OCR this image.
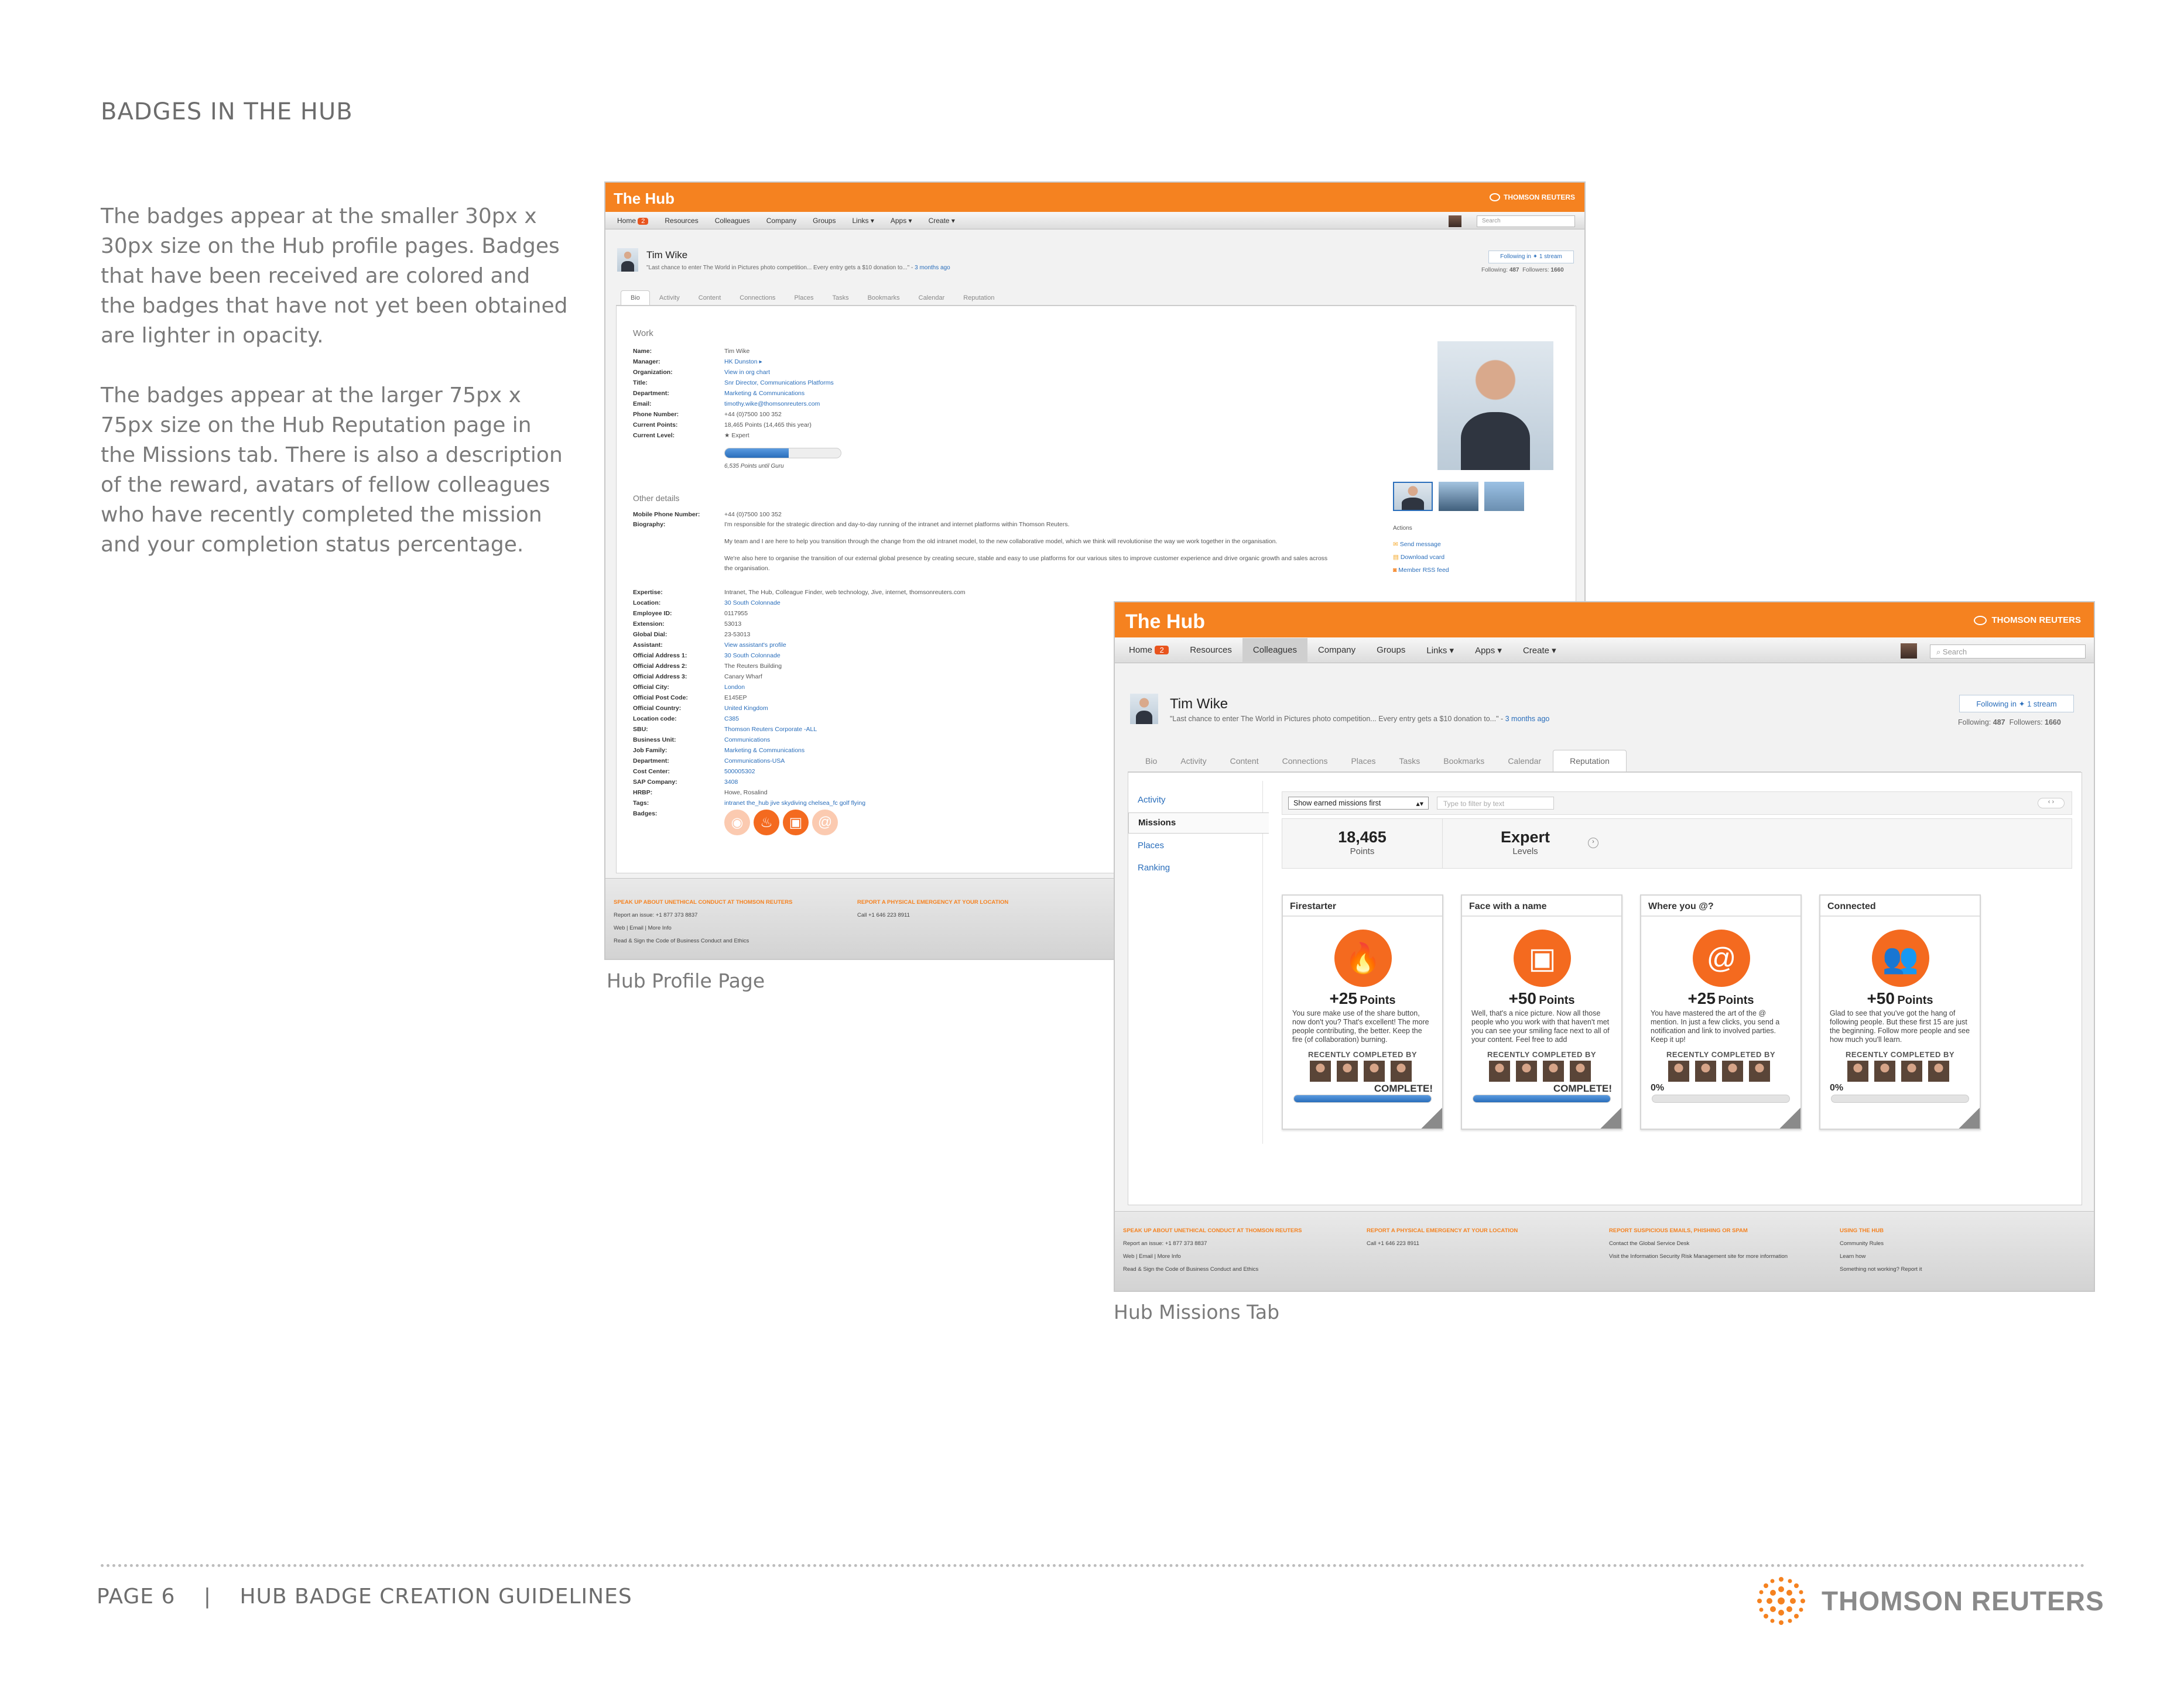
BADGES IN THE HUB

The badges appear at the smaller 30px x 30px size on the Hub profile pages. Badges that have been received are colored and the badges that have not yet been obtained are lighter in opacity.

The badges appear at the larger 75px x 75px size on the Hub Reputation page in the Missions tab. There is also a description of the reward, avatars of fellow colleagues who have recently completed the mission and your completion status percentage.

The Hub	THOMSON REUTERS
Home 2	Resources	Colleagues	Company	Groups	Links ▾	Apps ▾	Create ▾	Search
Tim Wike
"Last chance to enter The World in Pictures photo competition... Every entry gets a $10 donation to..." - 3 months ago
Following in ✦ 1 stream
Following: 487 Followers: 1660
Bio	Activity	Content	Connections	Places	Tasks	Bookmarks	Calendar	Reputation
Work
Name:	Tim Wike
Manager:	HK Dunston ▸
Organization:	View in org chart
Title:	Snr Director, Communications Platforms
Department:	Marketing & Communications
Email:	timothy.wike@thomsonreuters.com
Phone Number:	+44 (0)7500 100 352
Current Points:	18,465 Points (14,465 this year)
Current Level:	★ Expert
6,535 Points until Guru
Other details
Mobile Phone Number:	+44 (0)7500 100 352
Biography:	I'm responsible for the strategic direction and day-to-day running of the intranet and internet platforms within Thomson Reuters.
My team and I are here to help you transition through the change from the old intranet model, to the new collaborative model, which we think will revolutionise the way we work together in the organisation.
We're also here to organise the transition of our external global presence by creating secure, stable and easy to use platforms for our various sites to improve customer experience and drive organic growth and sales across the organisation.
Expertise:	Intranet, The Hub, Colleague Finder, web technology, Jive, internet, thomsonreuters.com
Location:	30 South Colonnade
Employee ID:	0117955
Extension:	53013
Global Dial:	23-53013
Assistant:	View assistant's profile
Official Address 1:	30 South Colonnade
Official Address 2:	The Reuters Building
Official Address 3:	Canary Wharf
Official City:	London
Official Post Code:	E145EP
Official Country:	United Kingdom
Location code:	C385
SBU:	Thomson Reuters Corporate -ALL
Business Unit:	Communications
Job Family:	Marketing & Communications
Department:	Communications-USA
Cost Center:	500005302
SAP Company:	3408
HRBP:	Howe, Rosalind
Tags:	intranet the_hub jive skydiving chelsea_fc golf flying
Badges:
◉	♨	▣	@
Actions
✉ Send message
▤ Download vcard
◙ Member RSS feed
SPEAK UP ABOUT UNETHICAL CONDUCT AT THOMSON REUTERS
Report an issue: +1 877 373 8837
Web | Email | More Info
Read & Sign the Code of Business Conduct and Ethics
REPORT A PHYSICAL EMERGENCY AT YOUR LOCATION
Call +1 646 223 8911
Hub Profile Page
The Hub	THOMSON REUTERS
Home 2	Resources	Colleagues	Company	Groups	Links ▾	Apps ▾	Create ▾	⌕ Search
Tim Wike
"Last chance to enter The World in Pictures photo competition... Every entry gets a $10 donation to..." - 3 months ago
Following in ✦ 1 stream
Following: 487 Followers: 1660
Bio	Activity	Content	Connections	Places	Tasks	Bookmarks	Calendar	Reputation
Activity
Missions
Places
Ranking
Show earned missions first	▴▾	Type to filter by text	‹ ›
18,465
Points
Expert
Levels
›
Firestarter
🔥
+25 Points
You sure make use of the share button, now don't you? That's excellent! The more people contributing, the better. Keep the fire (of collaboration) burning.
RECENTLY COMPLETED BY
COMPLETE!
Face with a name
▣
+50 Points
Well, that's a nice picture. Now all those people who you work with that haven't met you can see your smiling face next to all of your content. Feel free to add
RECENTLY COMPLETED BY
COMPLETE!
Where you @?
@
+25 Points
You have mastered the art of the @ mention. In just a few clicks, you send a notification and link to involved parties. Keep it up!
RECENTLY COMPLETED BY
0%
Connected
👥
+50 Points
Glad to see that you've got the hang of following people. But these first 15 are just the beginning. Follow more people and see how much you'll learn.
RECENTLY COMPLETED BY
0%
SPEAK UP ABOUT UNETHICAL CONDUCT AT THOMSON REUTERS
Report an issue: +1 877 373 8837
Web | Email | More Info
Read & Sign the Code of Business Conduct and Ethics
REPORT A PHYSICAL EMERGENCY AT YOUR LOCATION
Call +1 646 223 8911
REPORT SUSPICIOUS EMAILS, PHISHING OR SPAM
Contact the Global Service Desk
Visit the Information Security Risk Management site for more information
USING THE HUB
Community Rules
Learn how
Something not working? Report it
Hub Missions Tab
PAGE 6 | HUB BADGE CREATION GUIDELINES	THOMSON REUTERS
